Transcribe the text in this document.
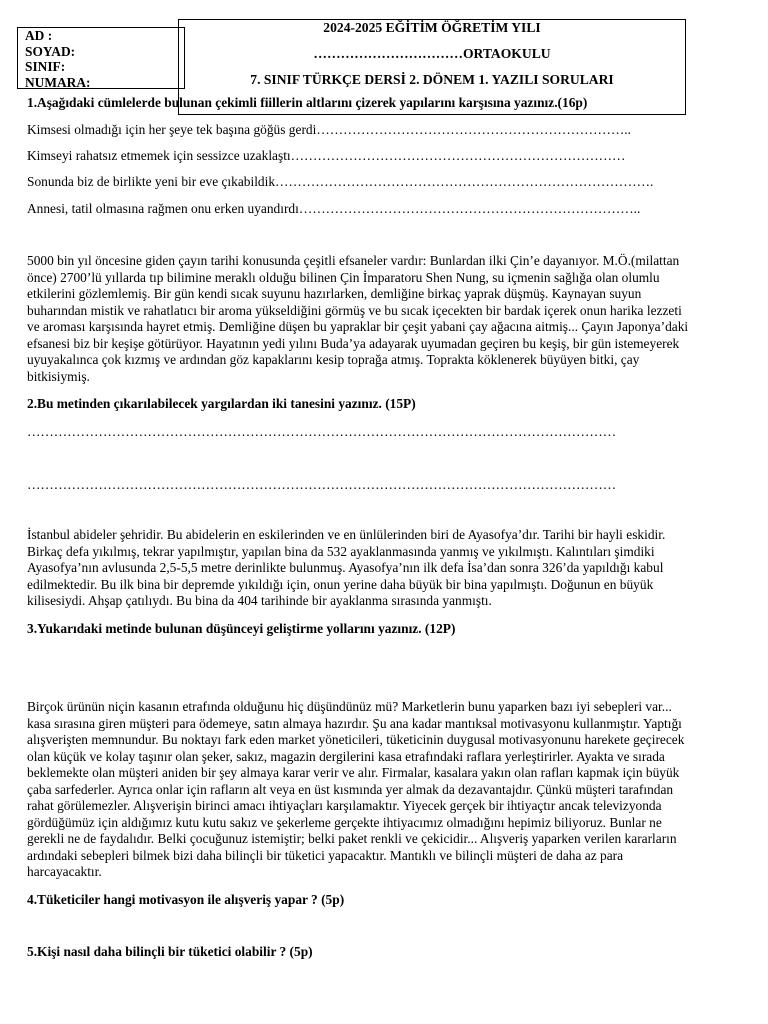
AD :
SOYAD:
SINIF:
NUMARA:
2024-2025 EĞİTİM ÖĞRETİM YILI
……………………………ORTAOKULU
7. SINIF TÜRKÇE DERSİ 2. DÖNEM 1. YAZILI SORULARI
1.Aşağıdaki cümlelerde bulunan çekimli fiillerin altlarını çizerek yapılarını karşısına yazınız.(16p)
Kimsesi olmadığı için her şeye tek başına göğüs gerdi……………………………………………………………..
Kimseyi rahatsız etmemek için sessizce uzaklaştı…………………………………………………………………
Sonunda biz de birlikte yeni bir eve çıkabildik………………………………………………………………………….
Annesi, tatil olmasına rağmen onu erken uyandırdı…………………………………………………………………..
5000 bin yıl öncesine giden çayın tarihi konusunda çeşitli efsaneler vardır: Bunlardan ilki Çin’e dayanıyor. M.Ö.(milattan
önce) 2700’lü yıllarda tıp bilimine meraklı olduğu bilinen Çin İmparatoru Shen Nung, su içmenin sağlığa olan olumlu
etkilerini gözlemlemiş. Bir gün kendi sıcak suyunu hazırlarken, demliğine birkaç yaprak düşmüş. Kaynayan suyun
buharından mistik ve rahatlatıcı bir aroma yükseldiğini görmüş ve bu sıcak içecekten bir bardak içerek onun harika lezzeti
ve aroması karşısında hayret etmiş. Demliğine düşen bu yapraklar bir çeşit yabani çay ağacına aitmiş... Çayın Japonya’daki
efsanesi biz bir keşişe götürüyor. Hayatının yedi yılını Buda’ya adayarak uyumadan geçiren bu keşiş, bir gün istemeyerek
uyuyakalınca çok kızmış ve ardından göz kapaklarını kesip toprağa atmış. Toprakta köklenerek büyüyen bitki, çay
bitkisiymiş.
2.Bu metinden çıkarılabilecek yargılardan iki tanesini yazınız. (15P)
……………………………………………………………………………………………………………………
……………………………………………………………………………………………………………………
İstanbul abideler şehridir. Bu abidelerin en eskilerinden ve en ünlülerinden biri de Ayasofya’dır. Tarihi bir hayli eskidir.
Birkaç defa yıkılmış, tekrar yapılmıştır, yapılan bina da 532 ayaklanmasında yanmış ve yıkılmıştı. Kalıntıları şimdiki
Ayasofya’nın avlusunda 2,5-5,5 metre derinlikte bulunmuş. Ayasofya’nın ilk defa İsa’dan sonra 326’da yapıldığı kabul
edilmektedir. Bu ilk bina bir depremde yıkıldığı için, onun yerine daha büyük bir bina yapılmıştı. Doğunun en büyük
kilisesiydi. Ahşap çatılıydı. Bu bina da 404 tarihinde bir ayaklanma sırasında yanmıştı.
3.Yukarıdaki metinde bulunan düşünceyi geliştirme yollarını yazınız. (12P)
Birçok ürünün niçin kasanın etrafında olduğunu hiç düşündünüz mü? Marketlerin bunu yaparken bazı iyi sebepleri var...
kasa sırasına giren müşteri para ödemeye, satın almaya hazırdır. Şu ana kadar mantıksal motivasyonu kullanmıştır. Yaptığı
alışverişten memnundur. Bu noktayı fark eden market yöneticileri, tüketicinin duygusal motivasyonunu harekete geçirecek
olan küçük ve kolay taşınır olan şeker, sakız, magazin dergilerini kasa etrafındaki raflara yerleştirirler. Ayakta ve sırada
beklemekte olan müşteri aniden bir şey almaya karar verir ve alır. Firmalar, kasalara yakın olan rafları kapmak için büyük
çaba sarfederler. Ayrıca onlar için rafların alt veya en üst kısmında yer almak da dezavantajdır. Çünkü müşteri tarafından
rahat görülemezler. Alışverişin birinci amacı ihtiyaçları karşılamaktır. Yiyecek gerçek bir ihtiyaçtır ancak televizyonda
gördüğümüz için aldığımız kutu kutu sakız ve şekerleme gerçekte ihtiyacımız olmadığını hepimiz biliyoruz. Bunlar ne
gerekli ne de faydalıdır. Belki çocuğunuz istemiştir; belki paket renkli ve çekicidir... Alışveriş yaparken verilen kararların
ardındaki sebepleri bilmek bizi daha bilinçli bir tüketici yapacaktır. Mantıklı ve bilinçli müşteri de daha az para
harcayacaktır.
4.Tüketiciler hangi motivasyon ile alışveriş yapar ? (5p)
5.Kişi nasıl daha bilinçli bir tüketici olabilir ? (5p)
